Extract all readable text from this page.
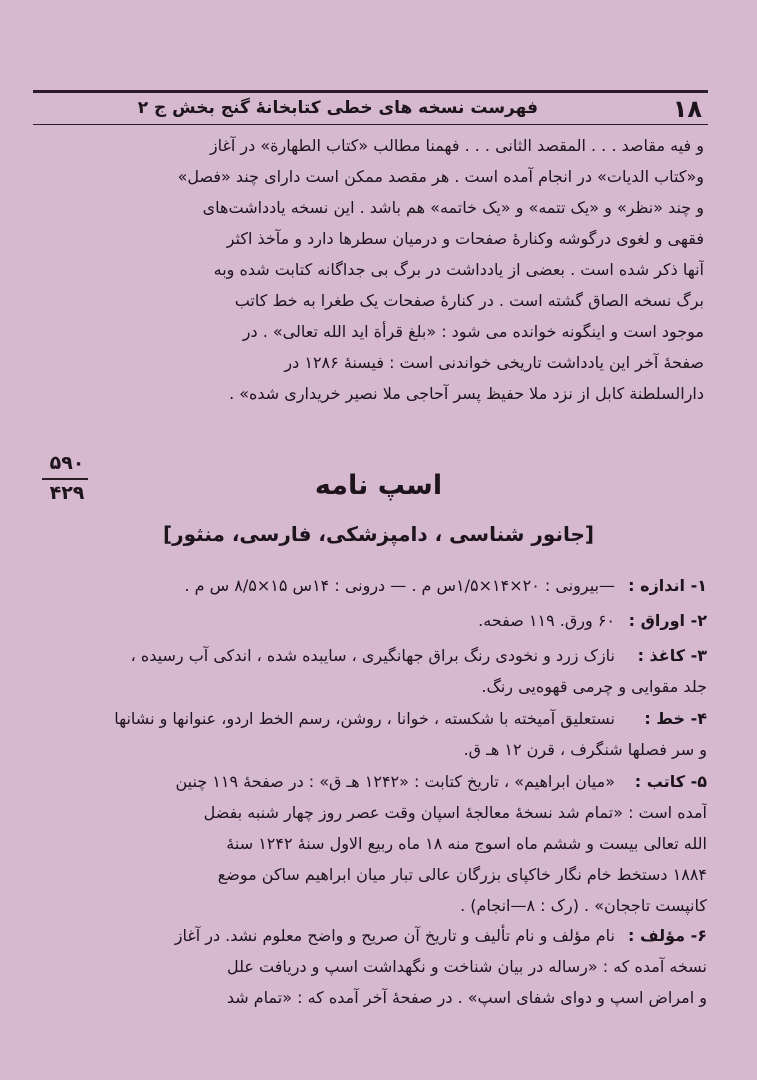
۱۸
فهرست نسخه های خطی کتابخانهٔ گنج بخش ج ۲
و فیه مقاصد . . . المقصد الثانی . . . فهمنا مطالب «کتاب الطهارة» در آغاز
و«کتاب الدیات» در انجام آمده است . هر مقصد ممکن است دارای چند «فصل»
و چند «نظر» و «یک تتمه» و «یک خاتمه» هم باشد . این نسخه یادداشت‌های
فقهی و لغوی درگوشه وکنارهٔ صفحات و درمیان سطرها دارد و مآخذ اکثر
آنها ذکر شده است . بعضی از یادداشت در برگ بی جداگانه کتابت شده وبه
برگ نسخه الصاق گشته است . در کنارهٔ صفحات یک طغرا به خط کاتب
موجود است و اینگونه خوانده می شود : «بلغ قرأة اید الله تعالی» . در
صفحهٔ آخر این یادداشت تاریخی خواندنی است : فیسنهٔ ۱۲۸۶ در
دارالسلطنة کابل از نزد ملا حفیظ پسر آحاجی ملا نصیر خریداری شده» .
۵۹۰
۴۲۹	اسپ نامه
[جانور شناسی ، دامپزشکی، فارسی، منثور]
۱- اندازه :
—بیرونی : ۲۰×۱۴×۱/۵س م . — درونی : ۱۴س ۱۵×۸/۵ س م .
۲- اوراق :
۶۰ ورق. ۱۱۹ صفحه.
۳- کاغذ :
نازک زرد و نخودی رنگ براق جهانگیری ، سایبده شده ، اندکی آب رسیده ،
جلد مقوایی و چرمی قهوه‌یی رنگ.
۴- خط :
نستعلیق آمیخته با شکسته ، خوانا ، روشن، رسم الخط اردو، عنوانها و نشانها
و سر فصلها شنگرف ، قرن ۱۲ هـ ق.
۵- کاتب :
«میان ابراهیم» ، تاریخ کتابت : «۱۲۴۲ هـ ق» : در صفحهٔ ۱۱۹ چنین
آمده است : «تمام شد نسخهٔ معالجهٔ اسپان وقت عصر روز چهار شنبه بفضل
الله تعالی بیست و ششم ماه اسوج منه ۱۸ ماه ربیع الاول سنهٔ ۱۲۴۲ سنهٔ
۱۸۸۴ دستخط خام نگار خاکپای بزرگان عالی تبار میان ابراهیم ساکن موضع
کانپست تاججان» . (رک : ۸—انجام) .
۶- مؤلف :
نام مؤلف و نام تألیف و تاریخ آن صریح و واضح معلوم نشد. در آغاز
نسخه آمده که : «رساله در بیان شناخت و نگهداشت اسپ و دریافت علل
و امراض اسپ و دوای شفای اسپ» . در صفحهٔ آخر آمده که : «تمام شد
